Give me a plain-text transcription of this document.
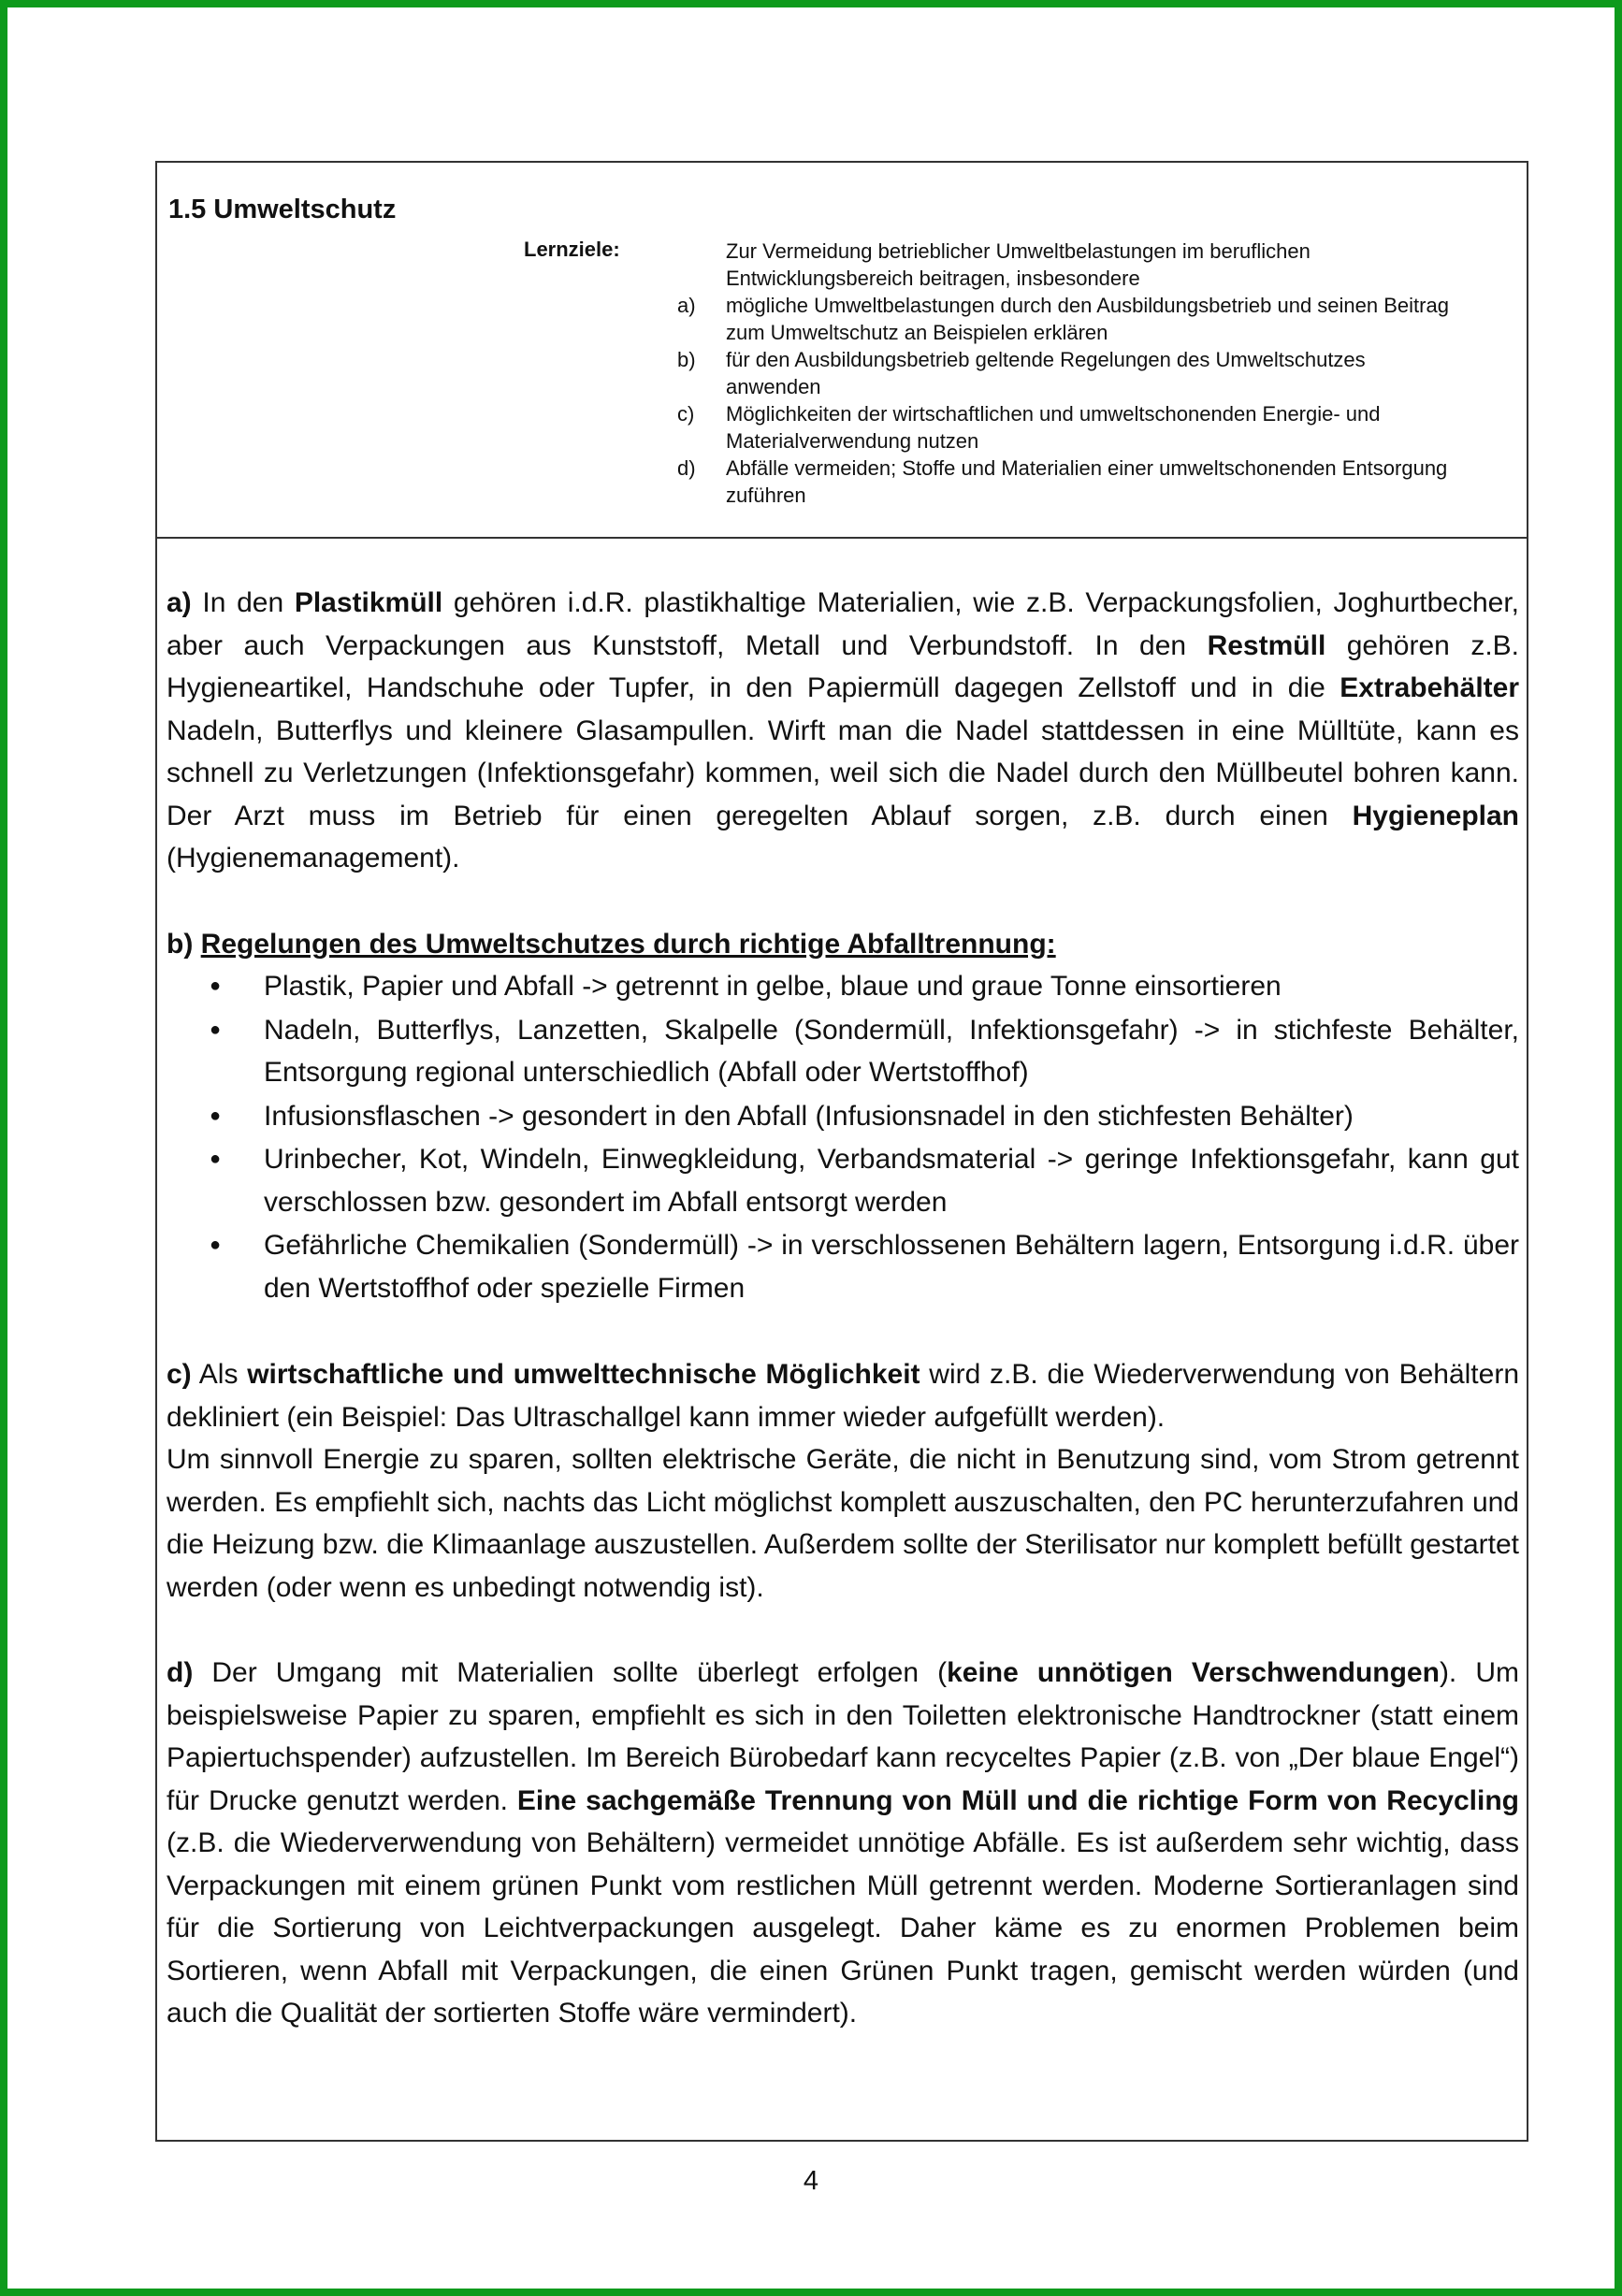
1.5 Umweltschutz
Lernziele:	Zur Vermeidung betrieblicher Umweltbelastungen im beruflichen Entwicklungsbereich beitragen, insbesondere

a)	mögliche Umweltbelastungen durch den Ausbildungsbetrieb und seinen Beitrag zum Umweltschutz an Beispielen erklären
b)	für den Ausbildungsbetrieb geltende Regelungen des Umweltschutzes anwenden
c)	Möglichkeiten der wirtschaftlichen und umweltschonenden Energie- und Materialverwendung nutzen
d)	Abfälle vermeiden; Stoffe und Materialien einer umweltschonenden Entsorgung zuführen

a) In den Plastikmüll gehören i.d.R. plastikhaltige Materialien, wie z.B. Verpackungsfolien, Joghurtbecher, aber auch Verpackungen aus Kunststoff, Metall und Verbundstoff. In den Restmüll gehören z.B. Hygieneartikel, Handschuhe oder Tupfer, in den Papiermüll dagegen Zellstoff und in die Extrabehälter Nadeln, Butterflys und kleinere Glasampullen. Wirft man die Nadel stattdessen in eine Mülltüte, kann es schnell zu Verletzungen (Infektionsgefahr) kommen, weil sich die Nadel durch den Müllbeutel bohren kann. Der Arzt muss im Betrieb für einen geregelten Ablauf sorgen, z.B. durch einen Hygieneplan (Hygienemanagement).

b) Regelungen des Umweltschutzes durch richtige Abfalltrennung:

● Plastik, Papier und Abfall -> getrennt in gelbe, blaue und graue Tonne einsortieren
● Nadeln, Butterflys, Lanzetten, Skalpelle (Sondermüll, Infektionsgefahr) -> in stichfeste Behälter, Entsorgung regional unterschiedlich (Abfall oder Wertstoffhof)
● Infusionsflaschen -> gesondert in den Abfall (Infusionsnadel in den stichfesten Behälter)
● Urinbecher, Kot, Windeln, Einwegkleidung, Verbandsmaterial -> geringe Infektionsgefahr, kann gut verschlossen bzw. gesondert im Abfall entsorgt werden
● Gefährliche Chemikalien (Sondermüll) -> in verschlossenen Behältern lagern, Entsorgung i.d.R. über den Wertstoffhof oder spezielle Firmen

c) Als wirtschaftliche und umwelttechnische Möglichkeit wird z.B. die Wiederverwendung von Behältern dekliniert (ein Beispiel: Das Ultraschallgel kann immer wieder aufgefüllt werden).

Um sinnvoll Energie zu sparen, sollten elektrische Geräte, die nicht in Benutzung sind, vom Strom getrennt werden. Es empfiehlt sich, nachts das Licht möglichst komplett auszuschalten, den PC herunterzufahren und die Heizung bzw. die Klimaanlage auszustellen. Außerdem sollte der Sterilisator nur komplett befüllt gestartet werden (oder wenn es unbedingt notwendig ist).

d) Der Umgang mit Materialien sollte überlegt erfolgen (keine unnötigen Verschwendungen). Um beispielsweise Papier zu sparen, empfiehlt es sich in den Toiletten elektronische Handtrockner (statt einem Papiertuchspender) aufzustellen. Im Bereich Bürobedarf kann recyceltes Papier (z.B. von „Der blaue Engel“) für Drucke genutzt werden. Eine sachgemäße Trennung von Müll und die richtige Form von Recycling (z.B. die Wiederverwendung von Behältern) vermeidet unnötige Abfälle. Es ist außerdem sehr wichtig, dass Verpackungen mit einem grünen Punkt vom restlichen Müll getrennt werden. Moderne Sortieranlagen sind für die Sortierung von Leichtverpackungen ausgelegt. Daher käme es zu enormen Problemen beim Sortieren, wenn Abfall mit Verpackungen, die einen Grünen Punkt tragen, gemischt werden würden (und auch die Qualität der sortierten Stoffe wäre vermindert).

4
